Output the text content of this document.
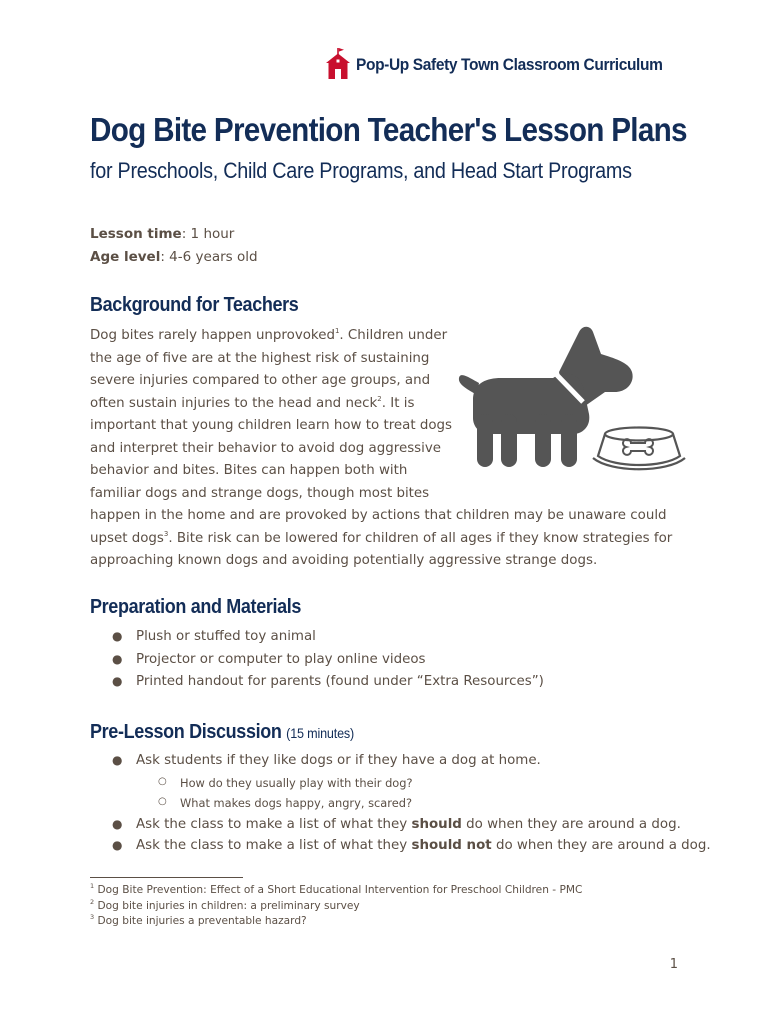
Pop-Up Safety Town Classroom Curriculum
Dog Bite Prevention Teacher's Lesson Plans
for Preschools, Child Care Programs, and Head Start Programs
Lesson time: 1 hour
Age level: 4-6 years old
Background for Teachers
Dog bites rarely happen unprovoked$^1$. Children under
the age of five are at the highest risk of sustaining
severe injuries compared to other age groups, and
often sustain injuries to the head and neck$^2$. It is
important that young children learn how to treat dogs
and interpret their behavior to avoid dog aggressive
behavior and bites. Bites can happen both with
familiar dogs and strange dogs, though most bites
happen in the home and are provoked by actions that children may be unaware could
upset dogs$^3$. Bite risk can be lowered for children of all ages if they know strategies for
approaching known dogs and avoiding potentially aggressive strange dogs.
Preparation and Materials
● Plush or stuffed toy animal
● Projector or computer to play online videos
● Printed handout for parents (found under “Extra Resources”)
Pre-Lesson Discussion (15 minutes)
● Ask students if they like dogs or if they have a dog at home.
○ How do they usually play with their dog?
○ What makes dogs happy, angry, scared?
● Ask the class to make a list of what they should do when they are around a dog.
● Ask the class to make a list of what they should not do when they are around a dog.
$^1$ Dog Bite Prevention: Effect of a Short Educational Intervention for Preschool Children - PMC
$^2$ Dog bite injuries in children: a preliminary survey
$^3$ Dog bite injuries a preventable hazard?
1
